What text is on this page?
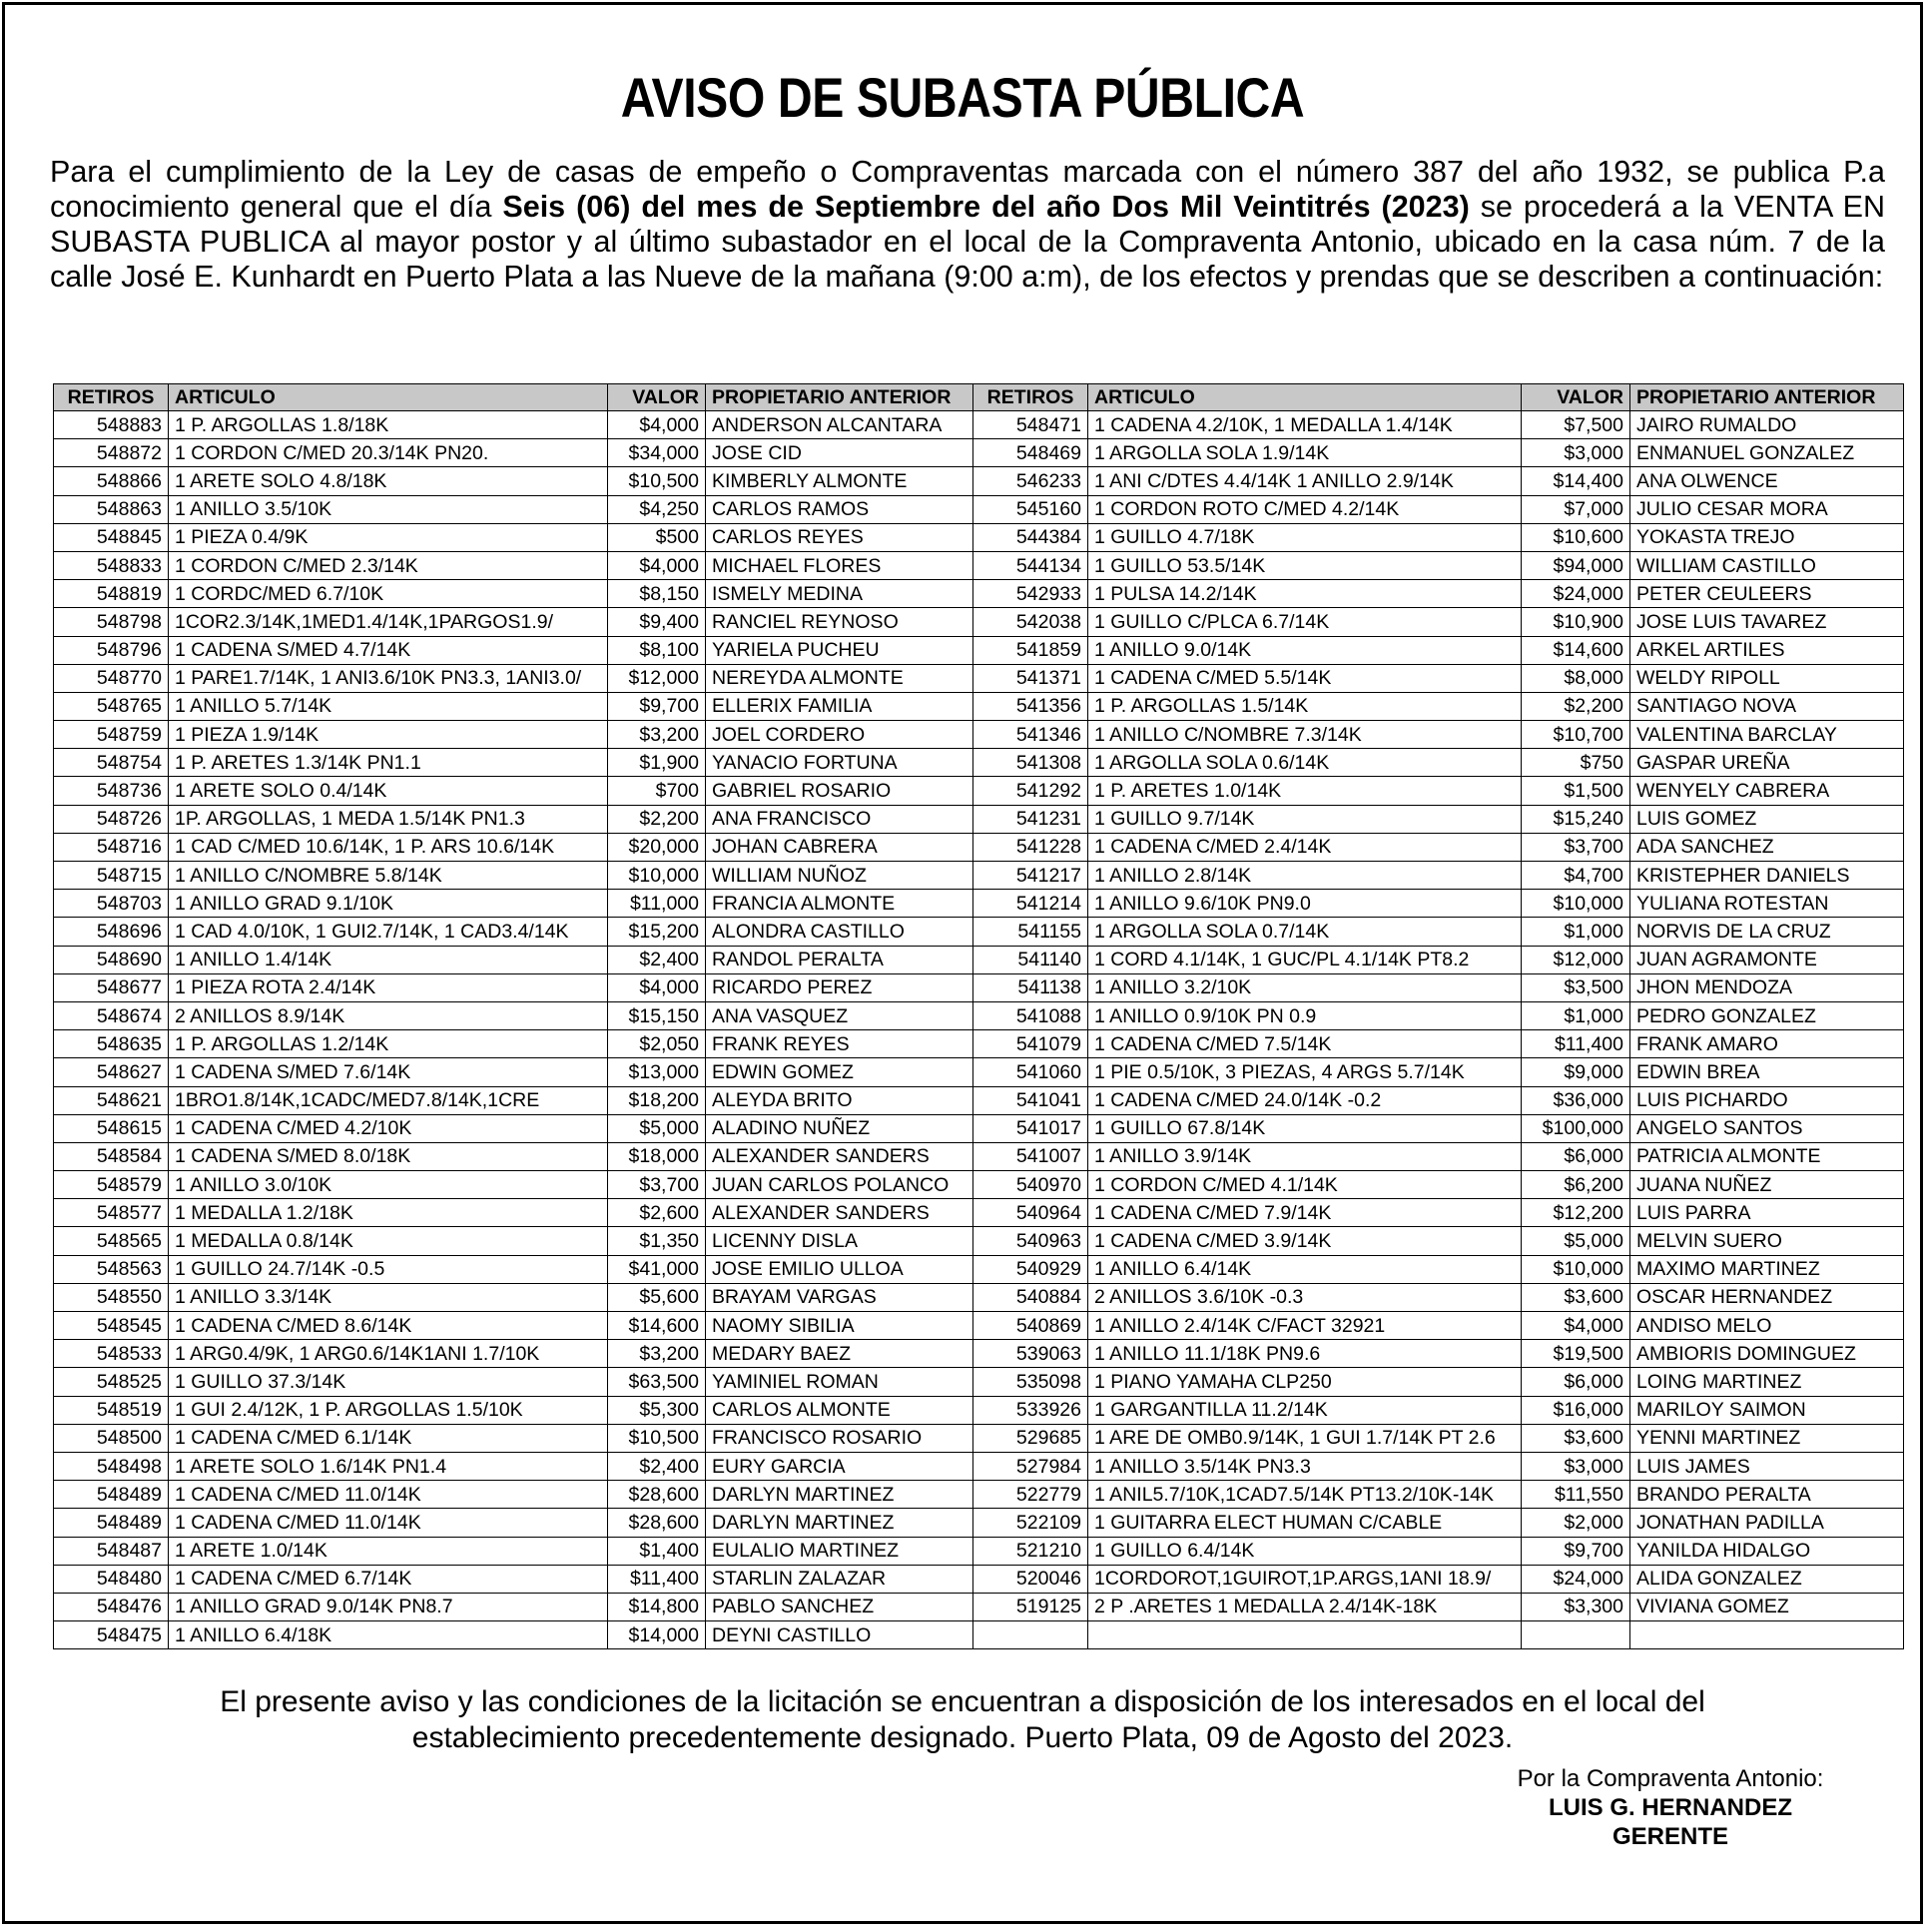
AVISO DE SUBASTA PÚBLICA

Para el cumplimiento de la Ley de casas de empeño o Compraventas marcada con el número 387 del año 1932, se publica P.a conocimiento general que el día Seis (06) del mes de Septiembre del año Dos Mil Veintitrés (2023) se procederá a la VENTA EN SUBASTA PUBLICA al mayor postor y al último subastador en el local de la Compraventa Antonio, ubicado en la casa núm. 7 de la calle José E. Kunhardt en Puerto Plata a las Nueve de la mañana (9:00 a:m), de los efectos y prendas que se describen a continuación:

RETIROS	ARTICULO	VALOR	PROPIETARIO ANTERIOR	RETIROS	ARTICULO	VALOR	PROPIETARIO ANTERIOR
548883	1 P. ARGOLLAS 1.8/18K	$4,000	ANDERSON ALCANTARA	548471	1 CADENA 4.2/10K, 1 MEDALLA 1.4/14K	$7,500	JAIRO RUMALDO
548872	1 CORDON C/MED 20.3/14K PN20.	$34,000	JOSE CID	548469	1 ARGOLLA SOLA 1.9/14K	$3,000	ENMANUEL GONZALEZ
548866	1 ARETE SOLO 4.8/18K	$10,500	KIMBERLY ALMONTE	546233	1 ANI C/DTES 4.4/14K 1 ANILLO 2.9/14K	$14,400	ANA OLWENCE
548863	1 ANILLO 3.5/10K	$4,250	CARLOS RAMOS	545160	1 CORDON ROTO C/MED 4.2/14K	$7,000	JULIO CESAR MORA
548845	1 PIEZA 0.4/9K	$500	CARLOS REYES	544384	1 GUILLO 4.7/18K	$10,600	YOKASTA TREJO
548833	1 CORDON C/MED 2.3/14K	$4,000	MICHAEL FLORES	544134	1 GUILLO 53.5/14K	$94,000	WILLIAM CASTILLO
548819	1 CORDC/MED 6.7/10K	$8,150	ISMELY MEDINA	542933	1 PULSA 14.2/14K	$24,000	PETER CEULEERS
548798	1COR2.3/14K,1MED1.4/14K,1PARGOS1.9/	$9,400	RANCIEL REYNOSO	542038	1 GUILLO C/PLCA 6.7/14K	$10,900	JOSE LUIS TAVAREZ
548796	1 CADENA S/MED 4.7/14K	$8,100	YARIELA PUCHEU	541859	1 ANILLO 9.0/14K	$14,600	ARKEL ARTILES
548770	1 PARE1.7/14K, 1 ANI3.6/10K PN3.3, 1ANI3.0/	$12,000	NEREYDA ALMONTE	541371	1 CADENA C/MED 5.5/14K	$8,000	WELDY RIPOLL
548765	1 ANILLO 5.7/14K	$9,700	ELLERIX FAMILIA	541356	1 P. ARGOLLAS 1.5/14K	$2,200	SANTIAGO NOVA
548759	1 PIEZA 1.9/14K	$3,200	JOEL CORDERO	541346	1 ANILLO C/NOMBRE 7.3/14K	$10,700	VALENTINA BARCLAY
548754	1 P. ARETES 1.3/14K PN1.1	$1,900	YANACIO FORTUNA	541308	1 ARGOLLA SOLA 0.6/14K	$750	GASPAR UREÑA
548736	1 ARETE SOLO 0.4/14K	$700	GABRIEL ROSARIO	541292	1 P. ARETES 1.0/14K	$1,500	WENYELY CABRERA
548726	1P. ARGOLLAS, 1 MEDA 1.5/14K PN1.3	$2,200	ANA FRANCISCO	541231	1 GUILLO 9.7/14K	$15,240	LUIS GOMEZ
548716	1 CAD C/MED 10.6/14K, 1 P. ARS 10.6/14K	$20,000	JOHAN CABRERA	541228	1 CADENA C/MED 2.4/14K	$3,700	ADA SANCHEZ
548715	1 ANILLO C/NOMBRE 5.8/14K	$10,000	WILLIAM NUÑOZ	541217	1 ANILLO 2.8/14K	$4,700	KRISTEPHER DANIELS
548703	1 ANILLO GRAD 9.1/10K	$11,000	FRANCIA ALMONTE	541214	1 ANILLO 9.6/10K PN9.0	$10,000	YULIANA ROTESTAN
548696	1 CAD 4.0/10K, 1 GUI2.7/14K, 1 CAD3.4/14K	$15,200	ALONDRA CASTILLO	541155	1 ARGOLLA SOLA 0.7/14K	$1,000	NORVIS DE LA CRUZ
548690	1 ANILLO 1.4/14K	$2,400	RANDOL PERALTA	541140	1 CORD 4.1/14K, 1 GUC/PL 4.1/14K PT8.2	$12,000	JUAN AGRAMONTE
548677	1 PIEZA ROTA 2.4/14K	$4,000	RICARDO PEREZ	541138	1 ANILLO 3.2/10K	$3,500	JHON MENDOZA
548674	2 ANILLOS 8.9/14K	$15,150	ANA VASQUEZ	541088	1 ANILLO 0.9/10K PN 0.9	$1,000	PEDRO GONZALEZ
548635	1 P. ARGOLLAS 1.2/14K	$2,050	FRANK REYES	541079	1 CADENA C/MED 7.5/14K	$11,400	FRANK AMARO
548627	1 CADENA S/MED 7.6/14K	$13,000	EDWIN GOMEZ	541060	1 PIE 0.5/10K, 3 PIEZAS, 4 ARGS 5.7/14K	$9,000	EDWIN BREA
548621	1BRO1.8/14K,1CADC/MED7.8/14K,1CRE	$18,200	ALEYDA BRITO	541041	1 CADENA C/MED 24.0/14K -0.2	$36,000	LUIS PICHARDO
548615	1 CADENA C/MED 4.2/10K	$5,000	ALADINO NUÑEZ	541017	1 GUILLO 67.8/14K	$100,000	ANGELO SANTOS
548584	1 CADENA S/MED 8.0/18K	$18,000	ALEXANDER SANDERS	541007	1 ANILLO 3.9/14K	$6,000	PATRICIA ALMONTE
548579	1 ANILLO 3.0/10K	$3,700	JUAN CARLOS POLANCO	540970	1 CORDON C/MED 4.1/14K	$6,200	JUANA NUÑEZ
548577	1 MEDALLA 1.2/18K	$2,600	ALEXANDER SANDERS	540964	1 CADENA C/MED 7.9/14K	$12,200	LUIS PARRA
548565	1 MEDALLA 0.8/14K	$1,350	LICENNY DISLA	540963	1 CADENA C/MED 3.9/14K	$5,000	MELVIN SUERO
548563	1 GUILLO 24.7/14K -0.5	$41,000	JOSE EMILIO ULLOA	540929	1 ANILLO 6.4/14K	$10,000	MAXIMO MARTINEZ
548550	1 ANILLO 3.3/14K	$5,600	BRAYAM VARGAS	540884	2 ANILLOS 3.6/10K -0.3	$3,600	OSCAR HERNANDEZ
548545	1 CADENA C/MED 8.6/14K	$14,600	NAOMY SIBILIA	540869	1 ANILLO 2.4/14K C/FACT 32921	$4,000	ANDISO MELO
548533	1 ARG0.4/9K, 1 ARG0.6/14K1ANI 1.7/10K	$3,200	MEDARY BAEZ	539063	1 ANILLO 11.1/18K PN9.6	$19,500	AMBIORIS DOMINGUEZ
548525	1 GUILLO 37.3/14K	$63,500	YAMINIEL ROMAN	535098	1 PIANO YAMAHA CLP250	$6,000	LOING MARTINEZ
548519	1 GUI 2.4/12K, 1 P. ARGOLLAS 1.5/10K	$5,300	CARLOS ALMONTE	533926	1 GARGANTILLA 11.2/14K	$16,000	MARILOY SAIMON
548500	1 CADENA C/MED 6.1/14K	$10,500	FRANCISCO ROSARIO	529685	1 ARE DE OMB0.9/14K, 1 GUI 1.7/14K PT 2.6	$3,600	YENNI MARTINEZ
548498	1 ARETE SOLO 1.6/14K PN1.4	$2,400	EURY GARCIA	527984	1 ANILLO 3.5/14K PN3.3	$3,000	LUIS JAMES
548489	1 CADENA C/MED 11.0/14K	$28,600	DARLYN MARTINEZ	522779	1 ANIL5.7/10K,1CAD7.5/14K PT13.2/10K-14K	$11,550	BRANDO PERALTA
548489	1 CADENA C/MED 11.0/14K	$28,600	DARLYN MARTINEZ	522109	1 GUITARRA ELECT HUMAN C/CABLE	$2,000	JONATHAN PADILLA
548487	1 ARETE 1.0/14K	$1,400	EULALIO MARTINEZ	521210	1 GUILLO 6.4/14K	$9,700	YANILDA HIDALGO
548480	1 CADENA C/MED 6.7/14K	$11,400	STARLIN ZALAZAR	520046	1CORDOROT,1GUIROT,1P.ARGS,1ANI 18.9/	$24,000	ALIDA GONZALEZ
548476	1 ANILLO GRAD 9.0/14K PN8.7	$14,800	PABLO SANCHEZ	519125	2 P .ARETES 1 MEDALLA 2.4/14K-18K	$3,300	VIVIANA GOMEZ
548475	1 ANILLO 6.4/18K	$14,000	DEYNI CASTILLO				

El presente aviso y las condiciones de la licitación se encuentran a disposición de los interesados en el local del establecimiento precedentemente designado. Puerto Plata, 09 de Agosto del 2023.

Por la Compraventa Antonio:
LUIS G. HERNANDEZ
GERENTE
